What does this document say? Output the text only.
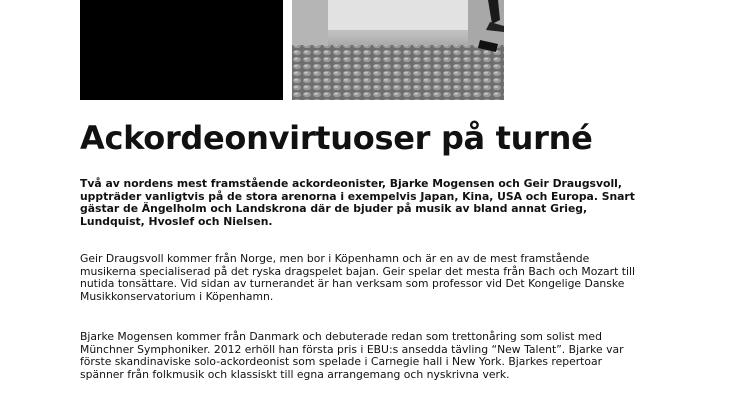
Ackordeonvirtuoser på turné

Två av nordens mest framstående ackordeonister, Bjarke Mogensen och Geir Draugsvoll, uppträder vanligtvis på de stora arenorna i exempelvis Japan, Kina, USA och Europa. Snart gästar de Ängelholm och Landskrona där de bjuder på musik av bland annat Grieg, Lundquist, Hvoslef och Nielsen.

Geir Draugsvoll kommer från Norge, men bor i Köpenhamn och är en av de mest framstående musikerna specialiserad på det ryska dragspelet bajan. Geir spelar det mesta från Bach och Mozart till nutida tonsättare. Vid sidan av turnerandet är han verksam som professor vid Det Kongelige Danske Musikkonservatorium i Köpenhamn.

Bjarke Mogensen kommer från Danmark och debuterade redan som trettonåring som solist med Münchner Symphoniker. 2012 erhöll han första pris i EBU:s ansedda tävling “New Talent”. Bjarke var förste skandinaviske solo-ackordeonist som spelade i Carnegie hall i New York. Bjarkes repertoar spänner från folkmusik och klassiskt till egna arrangemang och nyskrivna verk.
